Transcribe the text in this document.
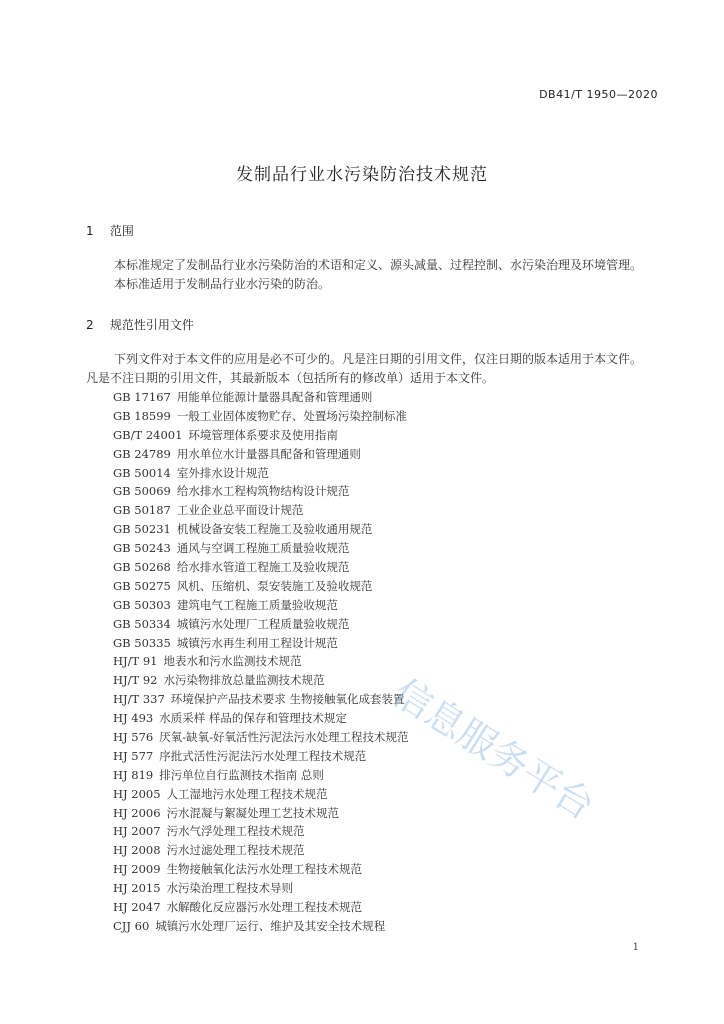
DB41/T 1950—2020
发制品行业水污染防治技术规范
1 范围

本标准规定了发制品行业水污染防治的术语和定义、源头减量、过程控制、水污染治理及环境管理。

本标准适用于发制品行业水污染的防治。

2 规范性引用文件

下列文件对于本文件的应用是必不可少的。凡是注日期的引用文件，仅注日期的版本适用于本文件。

凡是不注日期的引用文件，其最新版本（包括所有的修改单）适用于本文件。

GB 17167 用能单位能源计量器具配备和管理通则
GB 18599 一般工业固体废物贮存、处置场污染控制标准
GB/T 24001 环境管理体系要求及使用指南
GB 24789 用水单位水计量器具配备和管理通则
GB 50014 室外排水设计规范
GB 50069 给水排水工程构筑物结构设计规范
GB 50187 工业企业总平面设计规范
GB 50231 机械设备安装工程施工及验收通用规范
GB 50243 通风与空调工程施工质量验收规范
GB 50268 给水排水管道工程施工及验收规范
GB 50275 风机、压缩机、泵安装施工及验收规范
GB 50303 建筑电气工程施工质量验收规范
GB 50334 城镇污水处理厂工程质量验收规范
GB 50335 城镇污水再生利用工程设计规范
HJ/T 91 地表水和污水监测技术规范
HJ/T 92 水污染物排放总量监测技术规范
HJ/T 337 环境保护产品技术要求 生物接触氧化成套装置
HJ 493 水质采样 样品的保存和管理技术规定
HJ 576 厌氧-缺氧-好氧活性污泥法污水处理工程技术规范
HJ 577 序批式活性污泥法污水处理工程技术规范
HJ 819 排污单位自行监测技术指南 总则
HJ 2005 人工湿地污水处理工程技术规范
HJ 2006 污水混凝与絮凝处理工艺技术规范
HJ 2007 污水气浮处理工程技术规范
HJ 2008 污水过滤处理工程技术规范
HJ 2009 生物接触氧化法污水处理工程技术规范
HJ 2015 水污染治理工程技术导则
HJ 2047 水解酸化反应器污水处理工程技术规范
CJJ 60 城镇污水处理厂运行、维护及其安全技术规程
信息服务平台
1
